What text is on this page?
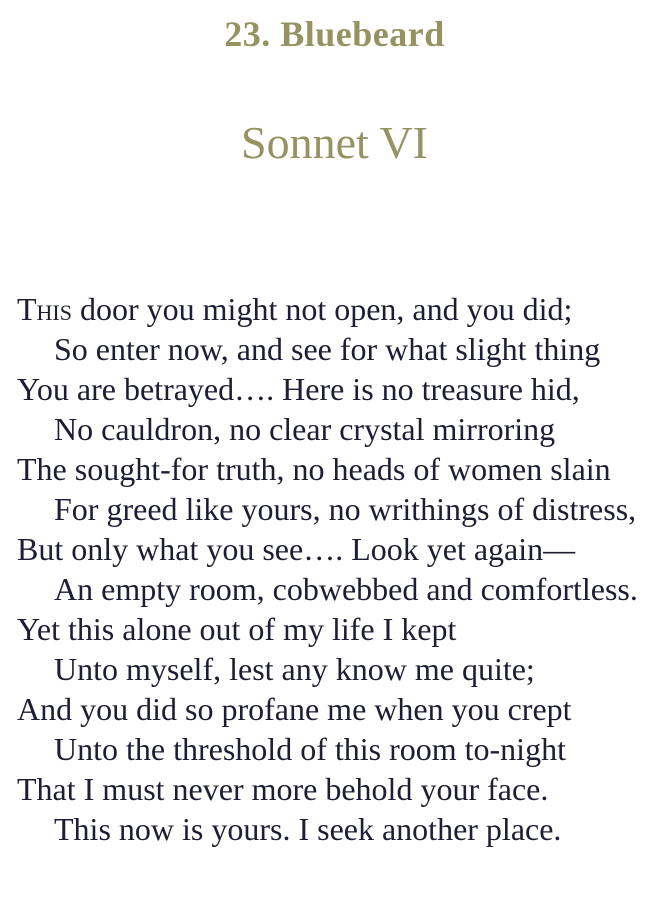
23. Bluebeard
Sonnet VI
This door you might not open, and you did;
So enter now, and see for what slight thing
You are betrayed…. Here is no treasure hid,
No cauldron, no clear crystal mirroring
The sought-for truth, no heads of women slain
For greed like yours, no writhings of distress,
But only what you see…. Look yet again—
An empty room, cobwebbed and comfortless.
Yet this alone out of my life I kept
Unto myself, lest any know me quite;
And you did so profane me when you crept
Unto the threshold of this room to-night
That I must never more behold your face.
This now is yours. I seek another place.
